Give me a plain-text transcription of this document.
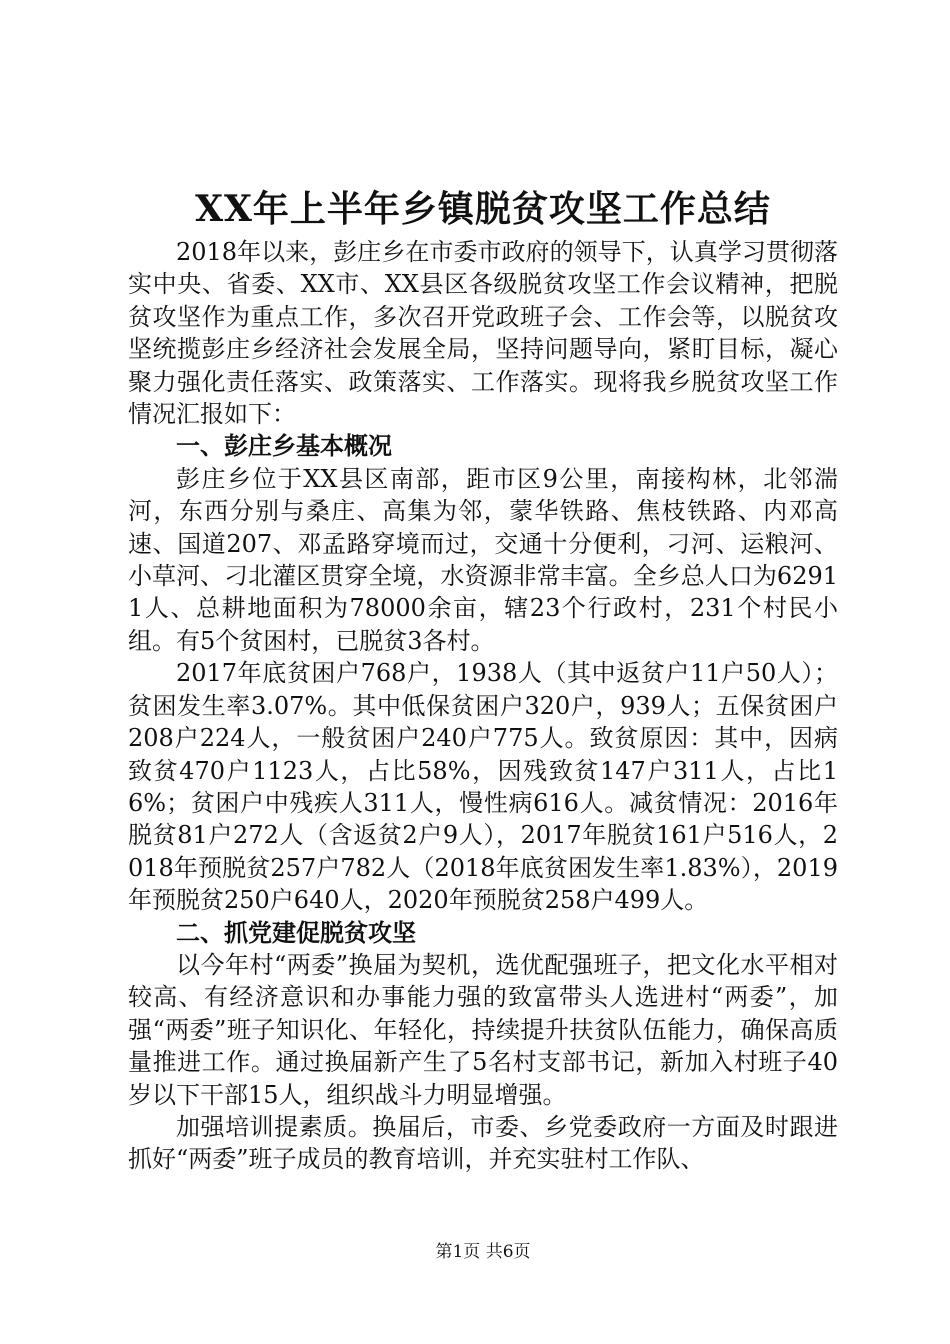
XX年上半年乡镇脱贫攻坚工作总结

2018年以来，彭庄乡在市委市政府的领导下，认真学习贯彻落实中央、省委、XX市、XX县区各级脱贫攻坚工作会议精神，把脱贫攻坚作为重点工作，多次召开党政班子会、工作会等，以脱贫攻坚统揽彭庄乡经济社会发展全局，坚持问题导向，紧盯目标，凝心聚力强化责任落实、政策落实、工作落实。现将我乡脱贫攻坚工作情况汇报如下：

一、彭庄乡基本概况

彭庄乡位于XX县区南部，距市区9公里，南接构林，北邻湍河，东西分别与桑庄、高集为邻，蒙华铁路、焦枝铁路、内邓高速、国道207、邓孟路穿境而过，交通十分便利，刁河、运粮河、小草河、刁北灌区贯穿全境，水资源非常丰富。全乡总人口为62911人、总耕地面积为78000余亩，辖23个行政村，231个村民小组。有5个贫困村，已脱贫3各村。

2017年底贫困户768户，1938人（其中返贫户11户50人）；贫困发生率3.07%。其中低保贫困户320户，939人；五保贫困户208户224人，一般贫困户240户775人。致贫原因：其中，因病致贫470户1123人，占比58%，因残致贫147户311人，占比16%；贫困户中残疾人311人，慢性病616人。减贫情况：2016年脱贫81户272人（含返贫2户9人），2017年脱贫161户516人，2018年预脱贫257户782人（2018年底贫困发生率1.83%），2019年预脱贫250户640人，2020年预脱贫258户499人。

二、抓党建促脱贫攻坚

以今年村“两委”换届为契机，选优配强班子，把文化水平相对较高、有经济意识和办事能力强的致富带头人选进村“两委”，加强“两委”班子知识化、年轻化，持续提升扶贫队伍能力，确保高质量推进工作。通过换届新产生了5名村支部书记，新加入村班子40岁以下干部15人，组织战斗力明显增强。

加强培训提素质。换届后，市委、乡党委政府一方面及时跟进抓好“两委”班子成员的教育培训，并充实驻村工作队、

第1页 共6页
